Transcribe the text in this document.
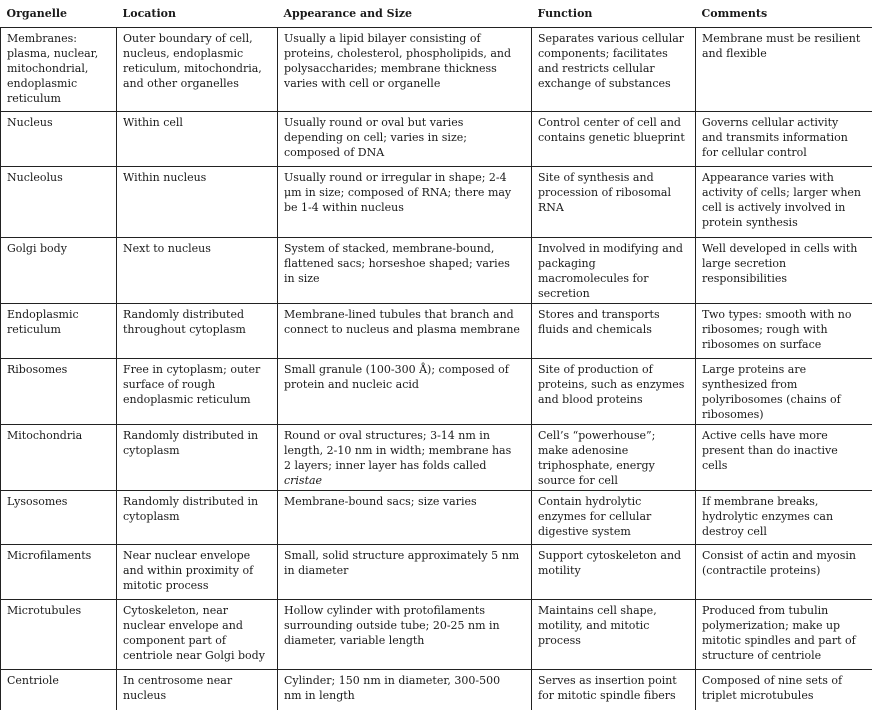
Organelle	Location	Appearance and Size	Function	Comments
Membranes: plasma, nuclear, mitochondrial, endoplasmic reticulum	Outer boundary of cell, nucleus, endoplasmic reticulum, mitochondria, and other organelles	Usually a lipid bilayer consisting of proteins, cholesterol, phospholipids, and polysaccharides; membrane thickness varies with cell or organelle	Separates various cellular components; facilitates and restricts cellular exchange of substances	Membrane must be resilient and flexible
Nucleus	Within cell	Usually round or oval but varies depending on cell; varies in size; composed of DNA	Control center of cell and contains genetic blueprint	Governs cellular activity and transmits information for cellular control
Nucleolus	Within nucleus	Usually round or irregular in shape; 2-4 μm in size; composed of RNA; there may be 1-4 within nucleus	Site of synthesis and procession of ribosomal RNA	Appearance varies with activity of cells; larger when cell is actively involved in protein synthesis
Golgi body	Next to nucleus	System of stacked, membrane-bound, flattened sacs; horseshoe shaped; varies in size	Involved in modifying and packaging macromolecules for secretion	Well developed in cells with large secretion responsibilities
Endoplasmic reticulum	Randomly distributed throughout cytoplasm	Membrane-lined tubules that branch and connect to nucleus and plasma membrane	Stores and transports fluids and chemicals	Two types: smooth with no ribosomes; rough with ribosomes on surface
Ribosomes	Free in cytoplasm; outer surface of rough endoplasmic reticulum	Small granule (100-300 Å); composed of protein and nucleic acid	Site of production of proteins, such as enzymes and blood proteins	Large proteins are synthesized from polyribosomes (chains of ribosomes)
Mitochondria	Randomly distributed in cytoplasm	Round or oval structures; 3-14 nm in length, 2-10 nm in width; membrane has 2 layers; inner layer has folds called cristae	Cell’s “powerhouse”; make adenosine triphosphate, energy source for cell	Active cells have more present than do inactive cells
Lysosomes	Randomly distributed in cytoplasm	Membrane-bound sacs; size varies	Contain hydrolytic enzymes for cellular digestive system	If membrane breaks, hydrolytic enzymes can destroy cell
Microfilaments	Near nuclear envelope and within proximity of mitotic process	Small, solid structure approximately 5 nm in diameter	Support cytoskeleton and motility	Consist of actin and myosin (contractile proteins)
Microtubules	Cytoskeleton, near nuclear envelope and component part of centriole near Golgi body	Hollow cylinder with protofilaments surrounding outside tube; 20-25 nm in diameter, variable length	Maintains cell shape, motility, and mitotic process	Produced from tubulin polymerization; make up mitotic spindles and part of structure of centriole
Centriole	In centrosome near nucleus	Cylinder; 150 nm in diameter, 300-500 nm in length	Serves as insertion point for mitotic spindle fibers	Composed of nine sets of triplet microtubules
